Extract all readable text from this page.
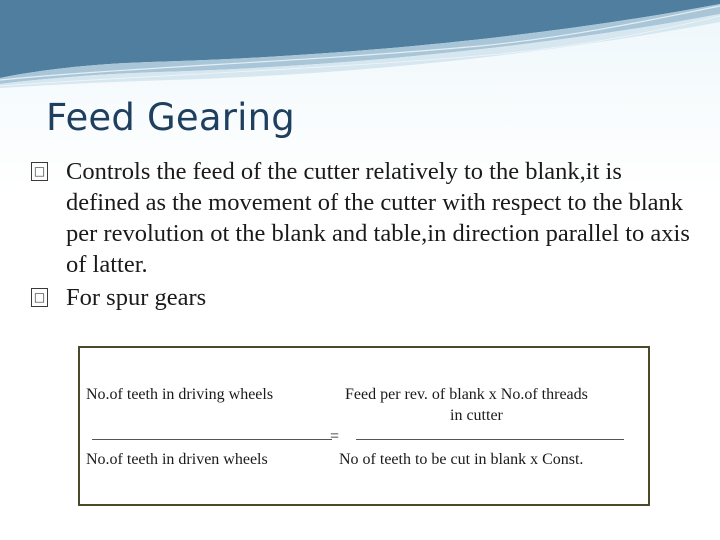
Feed Gearing
□ Controls the feed of the cutter relatively to the blank,it is defined as the movement of the cutter with respect to the blank per revolution ot the blank and table,in direction parallel to axis of latter.
□ For spur gears
No.of teeth in driving wheels
No.of teeth in driven wheels
=
Feed per rev. of blank x No.of threads
in cutter
No of teeth to be cut in blank x Const.
